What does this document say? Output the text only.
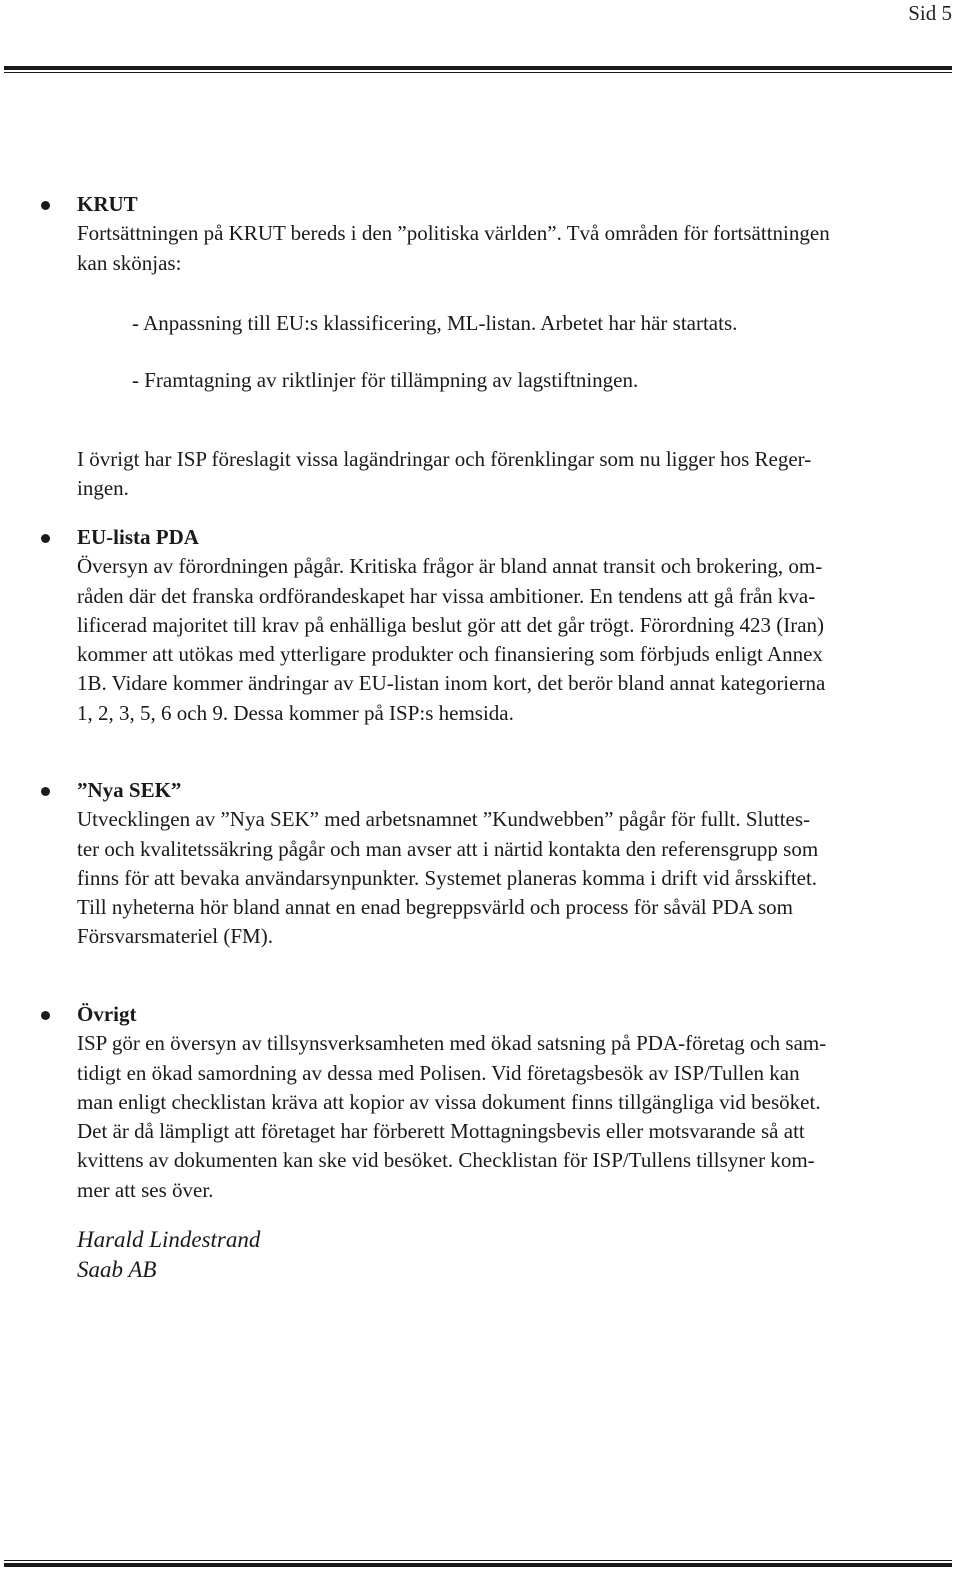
Sid 5
KRUT
Fortsättningen på KRUT bereds i den ”politiska världen”. Två områden för fortsättningen
kan skönjas:
- Anpassning till EU:s klassificering, ML-listan. Arbetet har här startats.
- Framtagning av riktlinjer för tillämpning av lagstiftningen.
I övrigt har ISP föreslagit vissa lagändringar och förenklingar som nu ligger hos Reger-
ingen.
EU-lista PDA
Översyn av förordningen pågår. Kritiska frågor är bland annat transit och brokering, om-
råden där det franska ordförandeskapet har vissa ambitioner. En tendens att gå från kva-
lificerad majoritet till krav på enhälliga beslut gör att det går trögt. Förordning 423 (Iran)
kommer att utökas med ytterligare produkter och finansiering som förbjuds enligt Annex
1B. Vidare kommer ändringar av EU-listan inom kort, det berör bland annat kategorierna
1, 2, 3, 5, 6 och 9. Dessa kommer på ISP:s hemsida.
”Nya SEK”
Utvecklingen av ”Nya SEK” med arbetsnamnet ”Kundwebben” pågår för fullt. Sluttes-
ter och kvalitetssäkring pågår och man avser att i närtid kontakta den referensgrupp som
finns för att bevaka användarsynpunkter. Systemet planeras komma i drift vid årsskiftet.
Till nyheterna hör bland annat en enad begreppsvärld och process för såväl PDA som
Försvarsmateriel (FM).
Övrigt
ISP gör en översyn av tillsynsverksamheten med ökad satsning på PDA-företag och sam-
tidigt en ökad samordning av dessa med Polisen. Vid företagsbesök av ISP/Tullen kan
man enligt checklistan kräva att kopior av vissa dokument finns tillgängliga vid besöket.
Det är då lämpligt att företaget har förberett Mottagningsbevis eller motsvarande så att
kvittens av dokumenten kan ske vid besöket. Checklistan för ISP/Tullens tillsyner kom-
mer att ses över.
Harald Lindestrand
Saab AB
